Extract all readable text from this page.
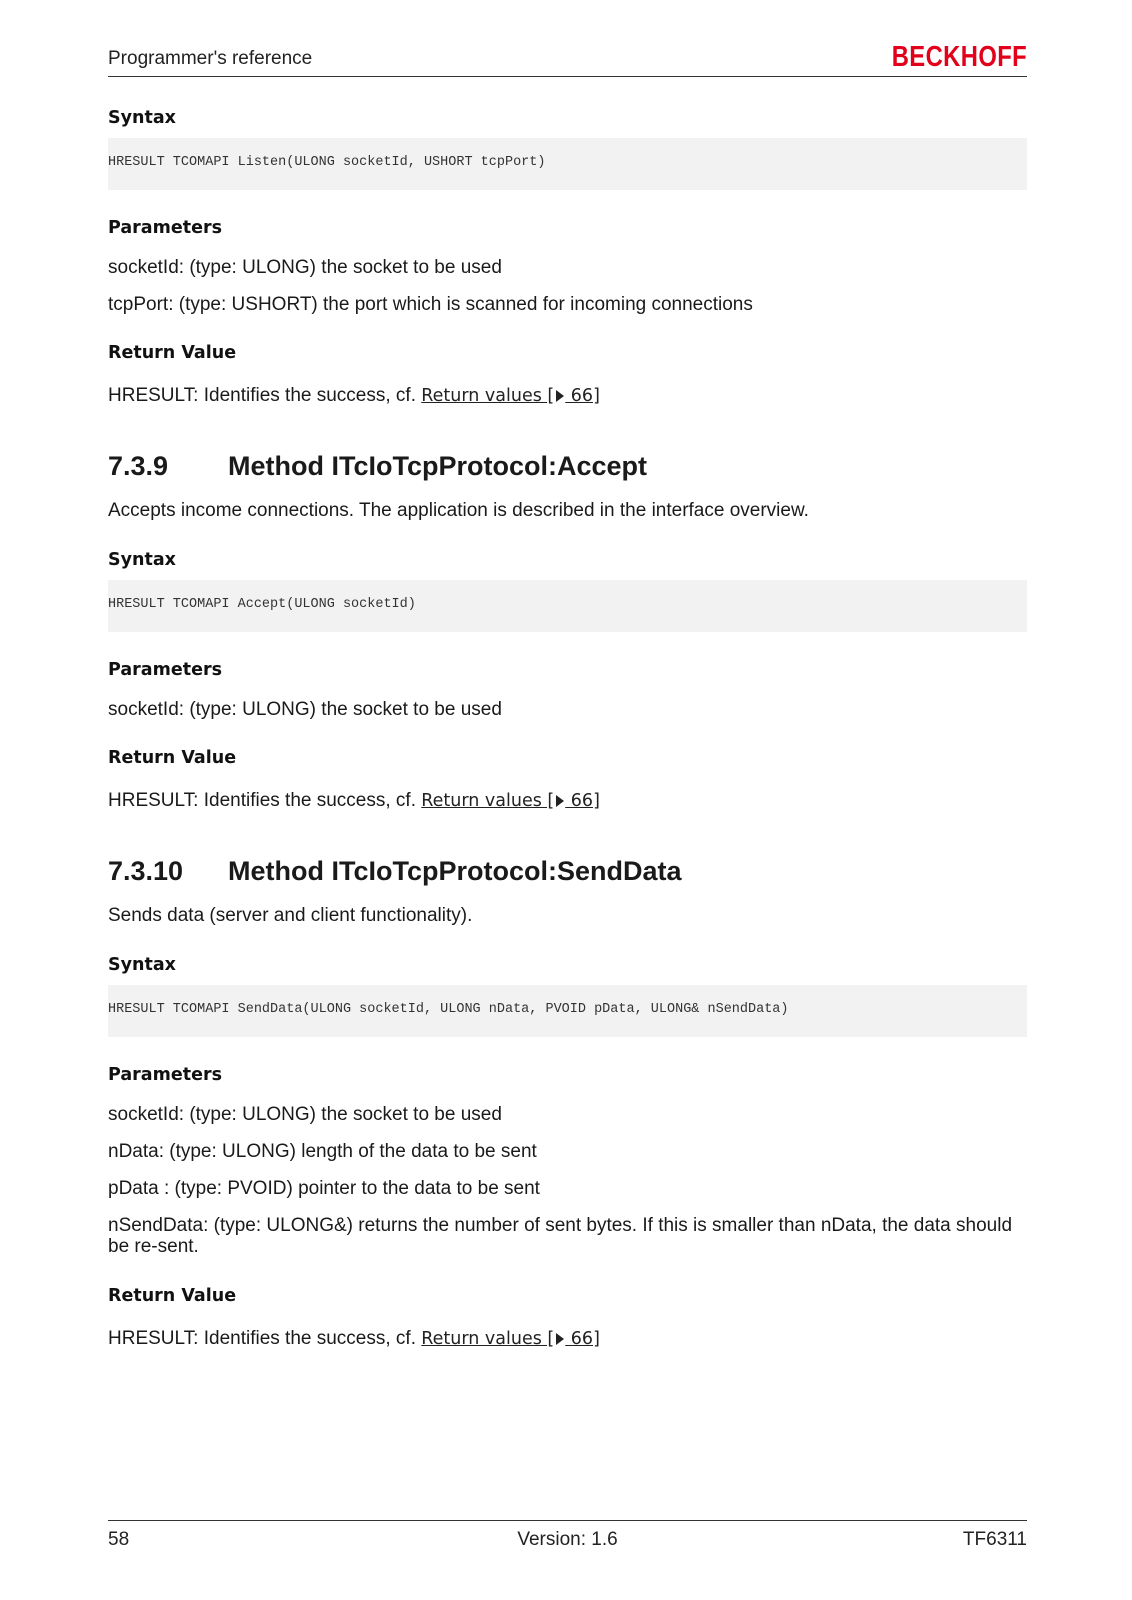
Programmer's reference	BECKHOFF
Syntax
HRESULT TCOMAPI Listen(ULONG socketId, USHORT tcpPort)
Parameters
socketId: (type: ULONG) the socket to be used
tcpPort: (type: USHORT) the port which is scanned for incoming connections
Return Value
HRESULT: Identifies the success, cf. Return values [ 66]
7.3.9 Method ITcIoTcpProtocol:Accept
Accepts income connections. The application is described in the interface overview.
Syntax
HRESULT TCOMAPI Accept(ULONG socketId)
Parameters
socketId: (type: ULONG) the socket to be used
Return Value
HRESULT: Identifies the success, cf. Return values [ 66]
7.3.10 Method ITcIoTcpProtocol:SendData
Sends data (server and client functionality).
Syntax
HRESULT TCOMAPI SendData(ULONG socketId, ULONG nData, PVOID pData, ULONG& nSendData)
Parameters
socketId: (type: ULONG) the socket to be used
nData: (type: ULONG) length of the data to be sent
pData : (type: PVOID) pointer to the data to be sent
nSendData: (type: ULONG&) returns the number of sent bytes. If this is smaller than nData, the data should be re-sent.
Return Value
HRESULT: Identifies the success, cf. Return values [ 66]
58	Version: 1.6	TF6311
